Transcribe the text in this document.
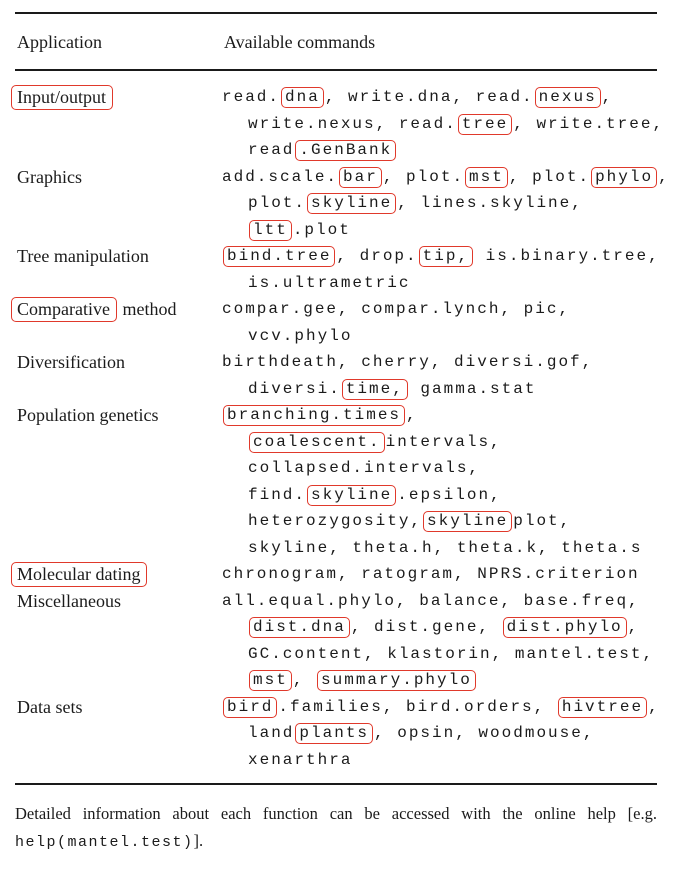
Application	Available commands
Input/output	read. dna , write.dna, read. nexus ,
write.nexus, read. tree , write.tree,
read .GenBank
Graphics	add.scale. bar , plot. mst , plot. phylo ,
plot. skyline , lines.skyline,
ltt .plot
Tree manipulation	bind.tree , drop. tip, is.binary.tree,
is.ultrametric
Comparative method	compar.gee, compar.lynch, pic,
vcv.phylo
Diversification	birthdeath, cherry, diversi.gof,
diversi. time, gamma.stat
Population genetics	branching.times ,
coalescent. intervals,
collapsed.intervals,
find. skyline .epsilon,
heterozygosity, skyline plot,
skyline, theta.h, theta.k, theta.s
Molecular dating	chronogram, ratogram, NPRS.criterion
Miscellaneous	all.equal.phylo, balance, base.freq,
dist.dna , dist.gene, dist.phylo ,
GC.content, klastorin, mantel.test,
mst , summary.phylo
Data sets	bird .families, bird.orders, hivtree ,
land plants , opsin, woodmouse,
xenarthra
Detailed information about each function can be accessed with the online help [e.g.
help(mantel.test)].
